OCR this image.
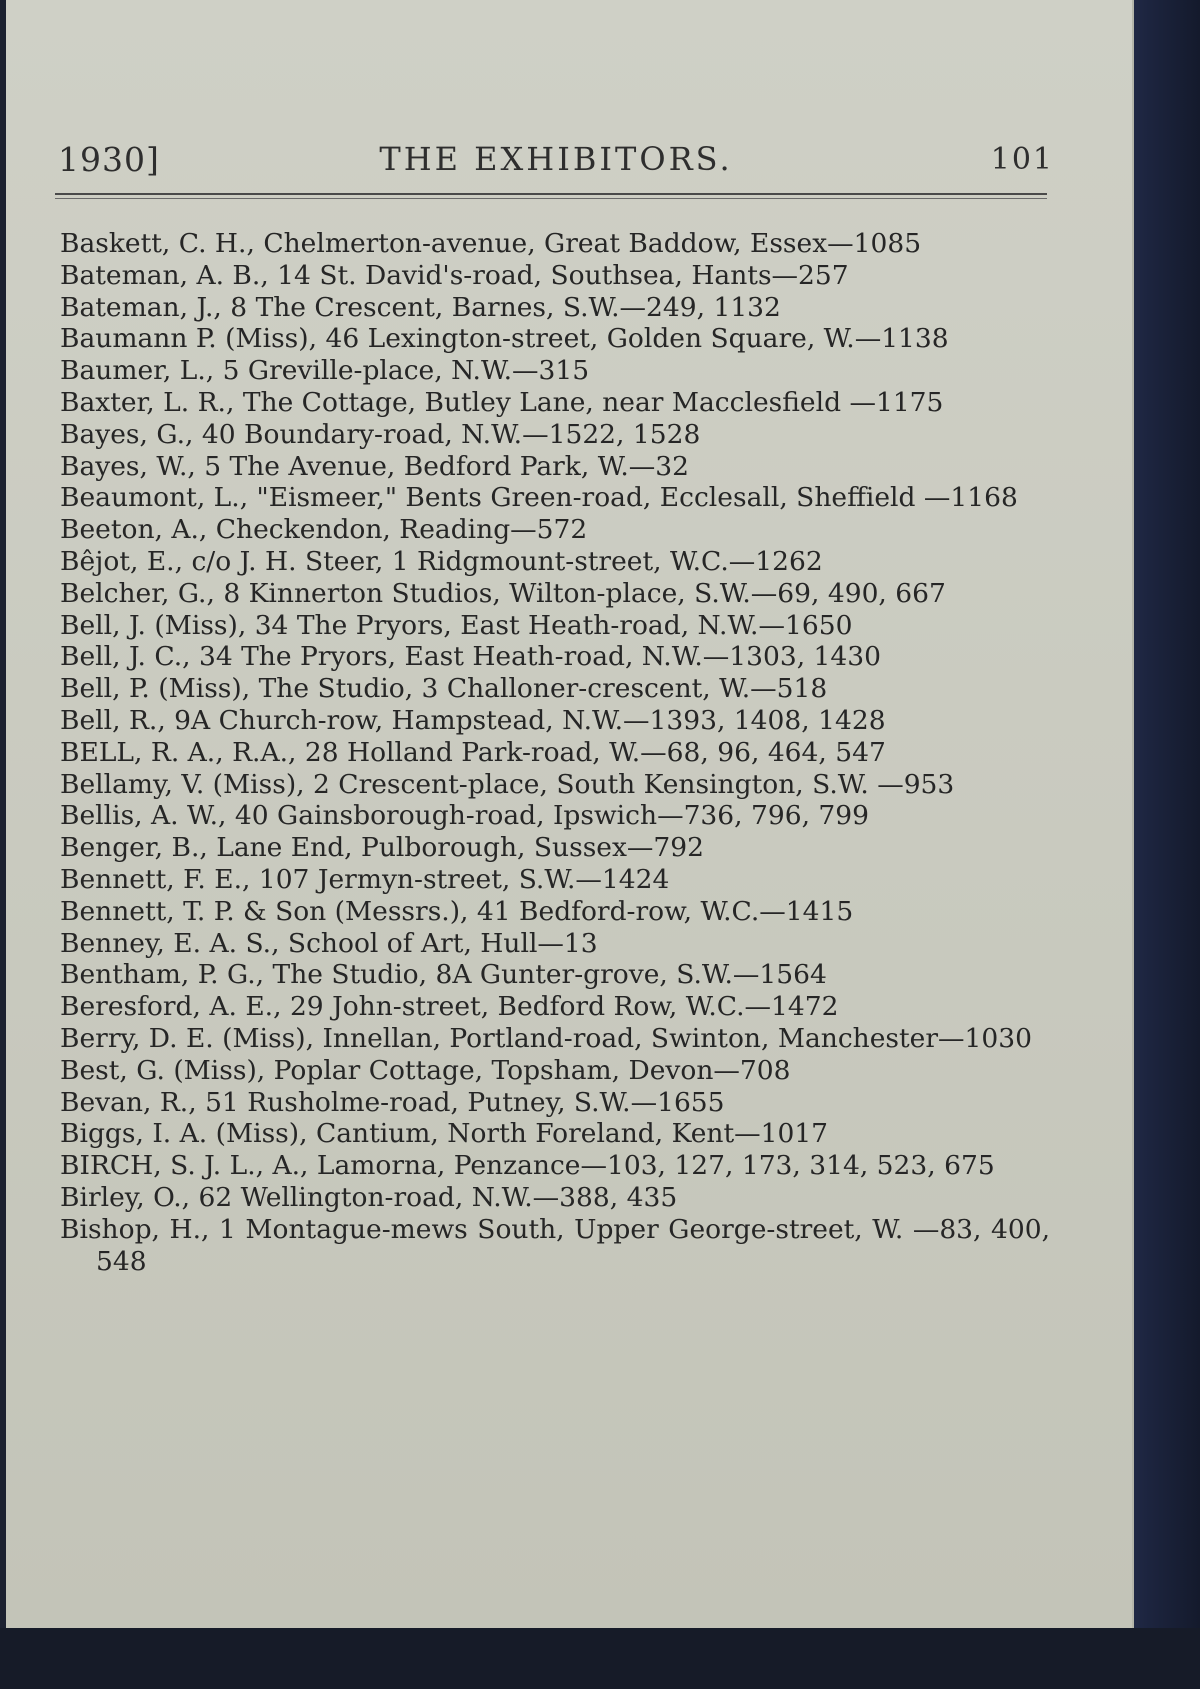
1930]	THE EXHIBITORS.	101
Baskett, C. H., Chelmerton-avenue, Great Baddow, Essex—1085
Bateman, A. B., 14 St. David's-road, Southsea, Hants—257
Bateman, J., 8 The Crescent, Barnes, S.W.—249, 1132
Baumann P. (Miss), 46 Lexington-street, Golden Square, W.—1138
Baumer, L., 5 Greville-place, N.W.—315
Baxter, L. R., The Cottage, Butley Lane, near Macclesfield —1175
Bayes, G., 40 Boundary-road, N.W.—1522, 1528
Bayes, W., 5 The Avenue, Bedford Park, W.—32
Beaumont, L., "Eismeer," Bents Green-road, Ecclesall, Sheffield —1168
Beeton, A., Checkendon, Reading—572
Bêjot, E., c/o J. H. Steer, 1 Ridgmount-street, W.C.—1262
Belcher, G., 8 Kinnerton Studios, Wilton-place, S.W.—69, 490, 667
Bell, J. (Miss), 34 The Pryors, East Heath-road, N.W.—1650
Bell, J. C., 34 The Pryors, East Heath-road, N.W.—1303, 1430
Bell, P. (Miss), The Studio, 3 Challoner-crescent, W.—518
Bell, R., 9A Church-row, Hampstead, N.W.—1393, 1408, 1428
BELL, R. A., R.A., 28 Holland Park-road, W.—68, 96, 464, 547
Bellamy, V. (Miss), 2 Crescent-place, South Kensington, S.W. —953
Bellis, A. W., 40 Gainsborough-road, Ipswich—736, 796, 799
Benger, B., Lane End, Pulborough, Sussex—792
Bennett, F. E., 107 Jermyn-street, S.W.—1424
Bennett, T. P. & Son (Messrs.), 41 Bedford-row, W.C.—1415
Benney, E. A. S., School of Art, Hull—13
Bentham, P. G., The Studio, 8A Gunter-grove, S.W.—1564
Beresford, A. E., 29 John-street, Bedford Row, W.C.—1472
Berry, D. E. (Miss), Innellan, Portland-road, Swinton, Manchester—1030
Best, G. (Miss), Poplar Cottage, Topsham, Devon—708
Bevan, R., 51 Rusholme-road, Putney, S.W.—1655
Biggs, I. A. (Miss), Cantium, North Foreland, Kent—1017
BIRCH, S. J. L., A., Lamorna, Penzance—103, 127, 173, 314, 523, 675
Birley, O., 62 Wellington-road, N.W.—388, 435
Bishop, H., 1 Montague-mews South, Upper George-street, W. —83, 400, 548
